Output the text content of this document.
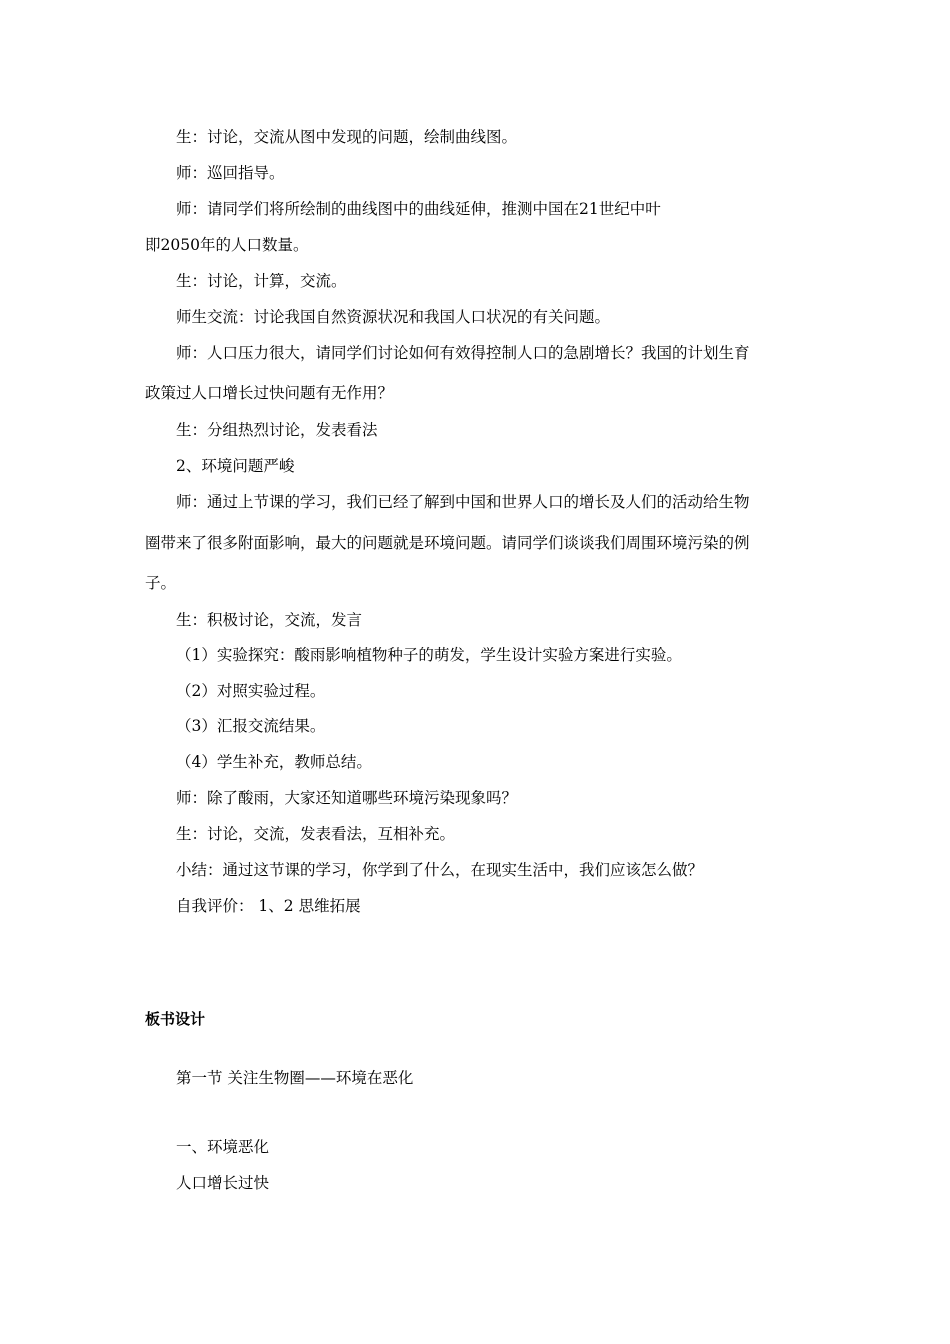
生：讨论，交流从图中发现的问题，绘制曲线图。
师：巡回指导。
师：请同学们将所绘制的曲线图中的曲线延伸，推测中国在21世纪中叶
即2050年的人口数量。
生：讨论，计算，交流。
师生交流：讨论我国自然资源状况和我国人口状况的有关问题。
师：人口压力很大，请同学们讨论如何有效得控制人口的急剧增长？我国的计划生育
政策过人口增长过快问题有无作用？
生：分组热烈讨论，发表看法
2、环境问题严峻
师：通过上节课的学习，我们已经了解到中国和世界人口的增长及人们的活动给生物
圈带来了很多附面影响，最大的问题就是环境问题。请同学们谈谈我们周围环境污染的例
子。
生：积极讨论，交流，发言
（1）实验探究：酸雨影响植物种子的萌发，学生设计实验方案进行实验。
（2）对照实验过程。
（3）汇报交流结果。
（4）学生补充，教师总结。
师：除了酸雨，大家还知道哪些环境污染现象吗？
生：讨论，交流，发表看法，互相补充。
小结：通过这节课的学习，你学到了什么，在现实生活中，我们应该怎么做？
自我评价： 1、2 思维拓展
板书设计
第一节 关注生物圈——环境在恶化
一、环境恶化
人口增长过快
